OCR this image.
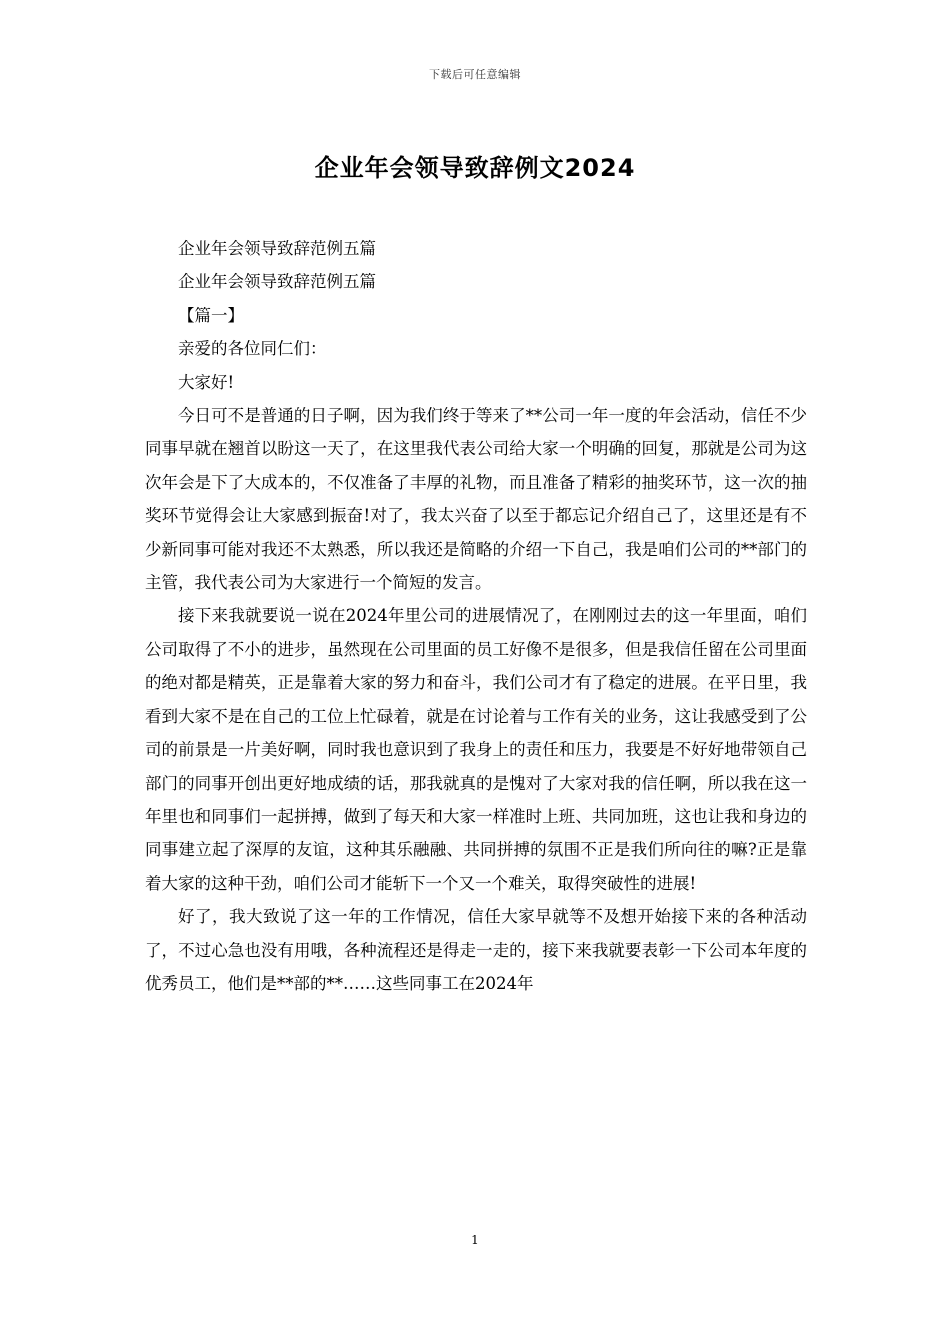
下载后可任意编辑
企业年会领导致辞例文2024

企业年会领导致辞范例五篇

企业年会领导致辞范例五篇

【篇一】

亲爱的各位同仁们：

大家好!

今日可不是普通的日子啊，因为我们终于等来了**公司一年一度的年会活动，信任不少同事早就在翘首以盼这一天了，在这里我代表公司给大家一个明确的回复，那就是公司为这次年会是下了大成本的，不仅准备了丰厚的礼物，而且准备了精彩的抽奖环节，这一次的抽奖环节觉得会让大家感到振奋!对了，我太兴奋了以至于都忘记介绍自己了，这里还是有不少新同事可能对我还不太熟悉，所以我还是简略的介绍一下自己，我是咱们公司的**部门的主管，我代表公司为大家进行一个简短的发言。

接下来我就要说一说在2024年里公司的进展情况了，在刚刚过去的这一年里面，咱们公司取得了不小的进步，虽然现在公司里面的员工好像不是很多，但是我信任留在公司里面的绝对都是精英，正是靠着大家的努力和奋斗，我们公司才有了稳定的进展。在平日里，我看到大家不是在自己的工位上忙碌着，就是在讨论着与工作有关的业务，这让我感受到了公司的前景是一片美好啊，同时我也意识到了我身上的责任和压力，我要是不好好地带领自己部门的同事开创出更好地成绩的话，那我就真的是愧对了大家对我的信任啊，所以我在这一年里也和同事们一起拼搏，做到了每天和大家一样准时上班、共同加班，这也让我和身边的同事建立起了深厚的友谊，这种其乐融融、共同拼搏的氛围不正是我们所向往的嘛?正是靠着大家的这种干劲，咱们公司才能斩下一个又一个难关，取得突破性的进展!

好了，我大致说了这一年的工作情况，信任大家早就等不及想开始接下来的各种活动了，不过心急也没有用哦，各种流程还是得走一走的，接下来我就要表彰一下公司本年度的优秀员工，他们是**部的**……这些同事工在2024年

1
